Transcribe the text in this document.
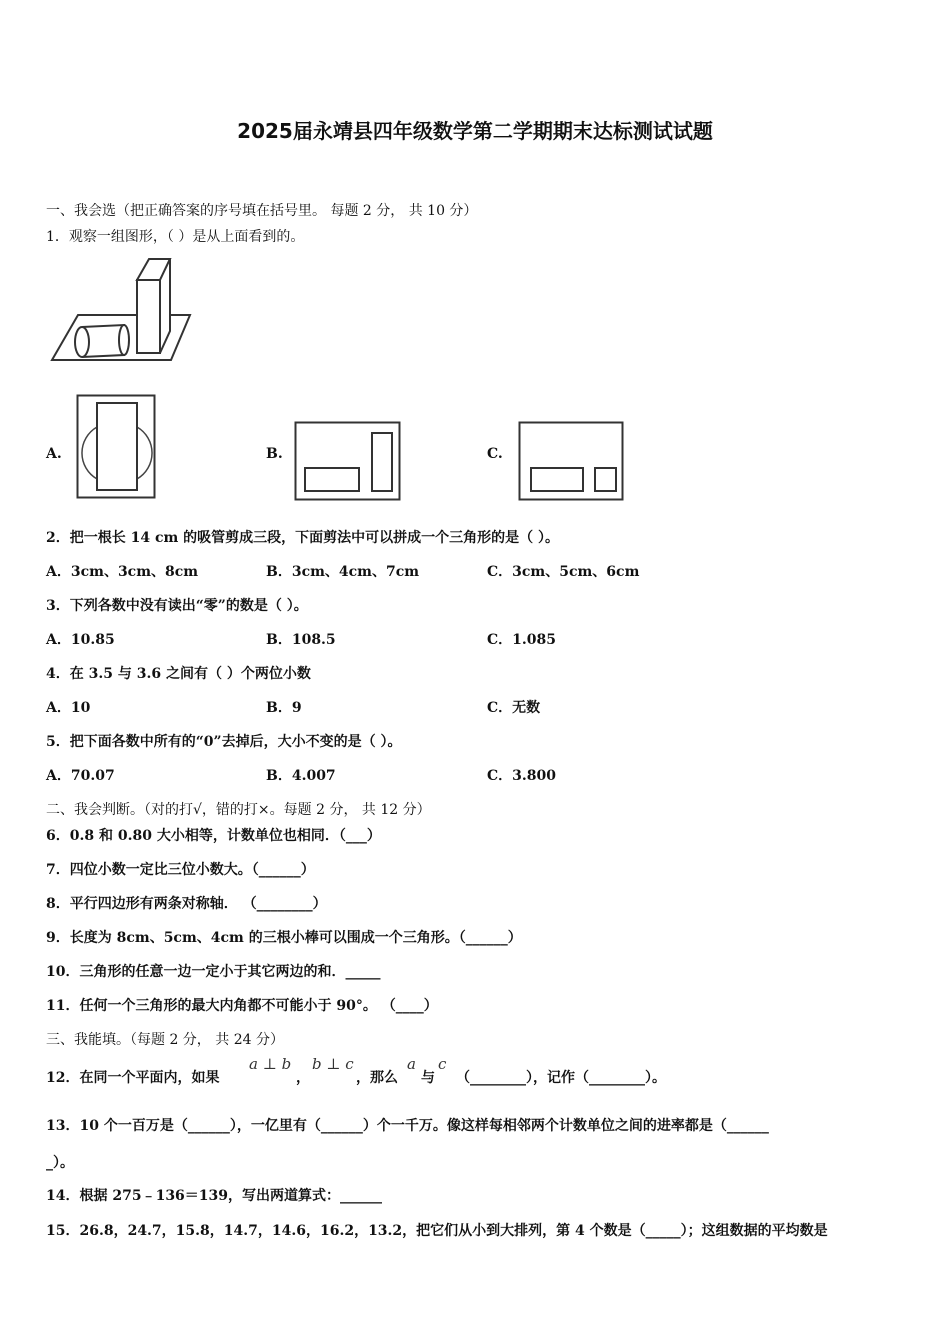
2025届永靖县四年级数学第二学期期末达标测试试题
一、我会选（把正确答案的序号填在括号里。 每题 2 分， 共 10 分）
1．观察一组图形，（ ）是从上面看到的。
A.	B.	C.
2．把一根长 14 cm 的吸管剪成三段，下面剪法中可以拼成一个三角形的是（ ）。
A．3cm、3cm、8cm	B．3cm、4cm、7cm	C．3cm、5cm、6cm
3．下列各数中没有读出“零”的数是（ ）。
A．10.85	B．108.5	C．1.085
4．在 3.5 与 3.6 之间有（ ）个两位小数
A．10	B．9	C．无数
5．把下面各数中所有的“0”去掉后，大小不变的是（ ）。
A．70.07	B．4.007	C．3.800
二、我会判断。（对的打√，错的打×。每题 2 分， 共 12 分）
6．0.8 和 0.80 大小相等，计数单位也相同．（___）
7．四位小数一定比三位小数大。（______）
8．平行四边形有两条对称轴． （________）
9．长度为 8cm、5cm、4cm 的三根小棒可以围成一个三角形。（______）
10．三角形的任意一边一定小于其它两边的和．_____
11．任何一个三角形的最大内角都不可能小于 90°。 （____）
三、我能填。（每题 2 分， 共 24 分）
12．在同一个平面内，如果
a ⊥ b
，
b ⊥ c
，那么
a
与
c
（________），记作（________）。
13．10 个一百万是（______），一亿里有（______）个一千万。像这样每相邻两个计数单位之间的进率都是（______
_）。
14．根据 275﹣136＝139，写出两道算式：______
15．26.8，24.7，15.8，14.7，14.6，16.2，13.2，把它们从小到大排列，第 4 个数是（_____）；这组数据的平均数是
